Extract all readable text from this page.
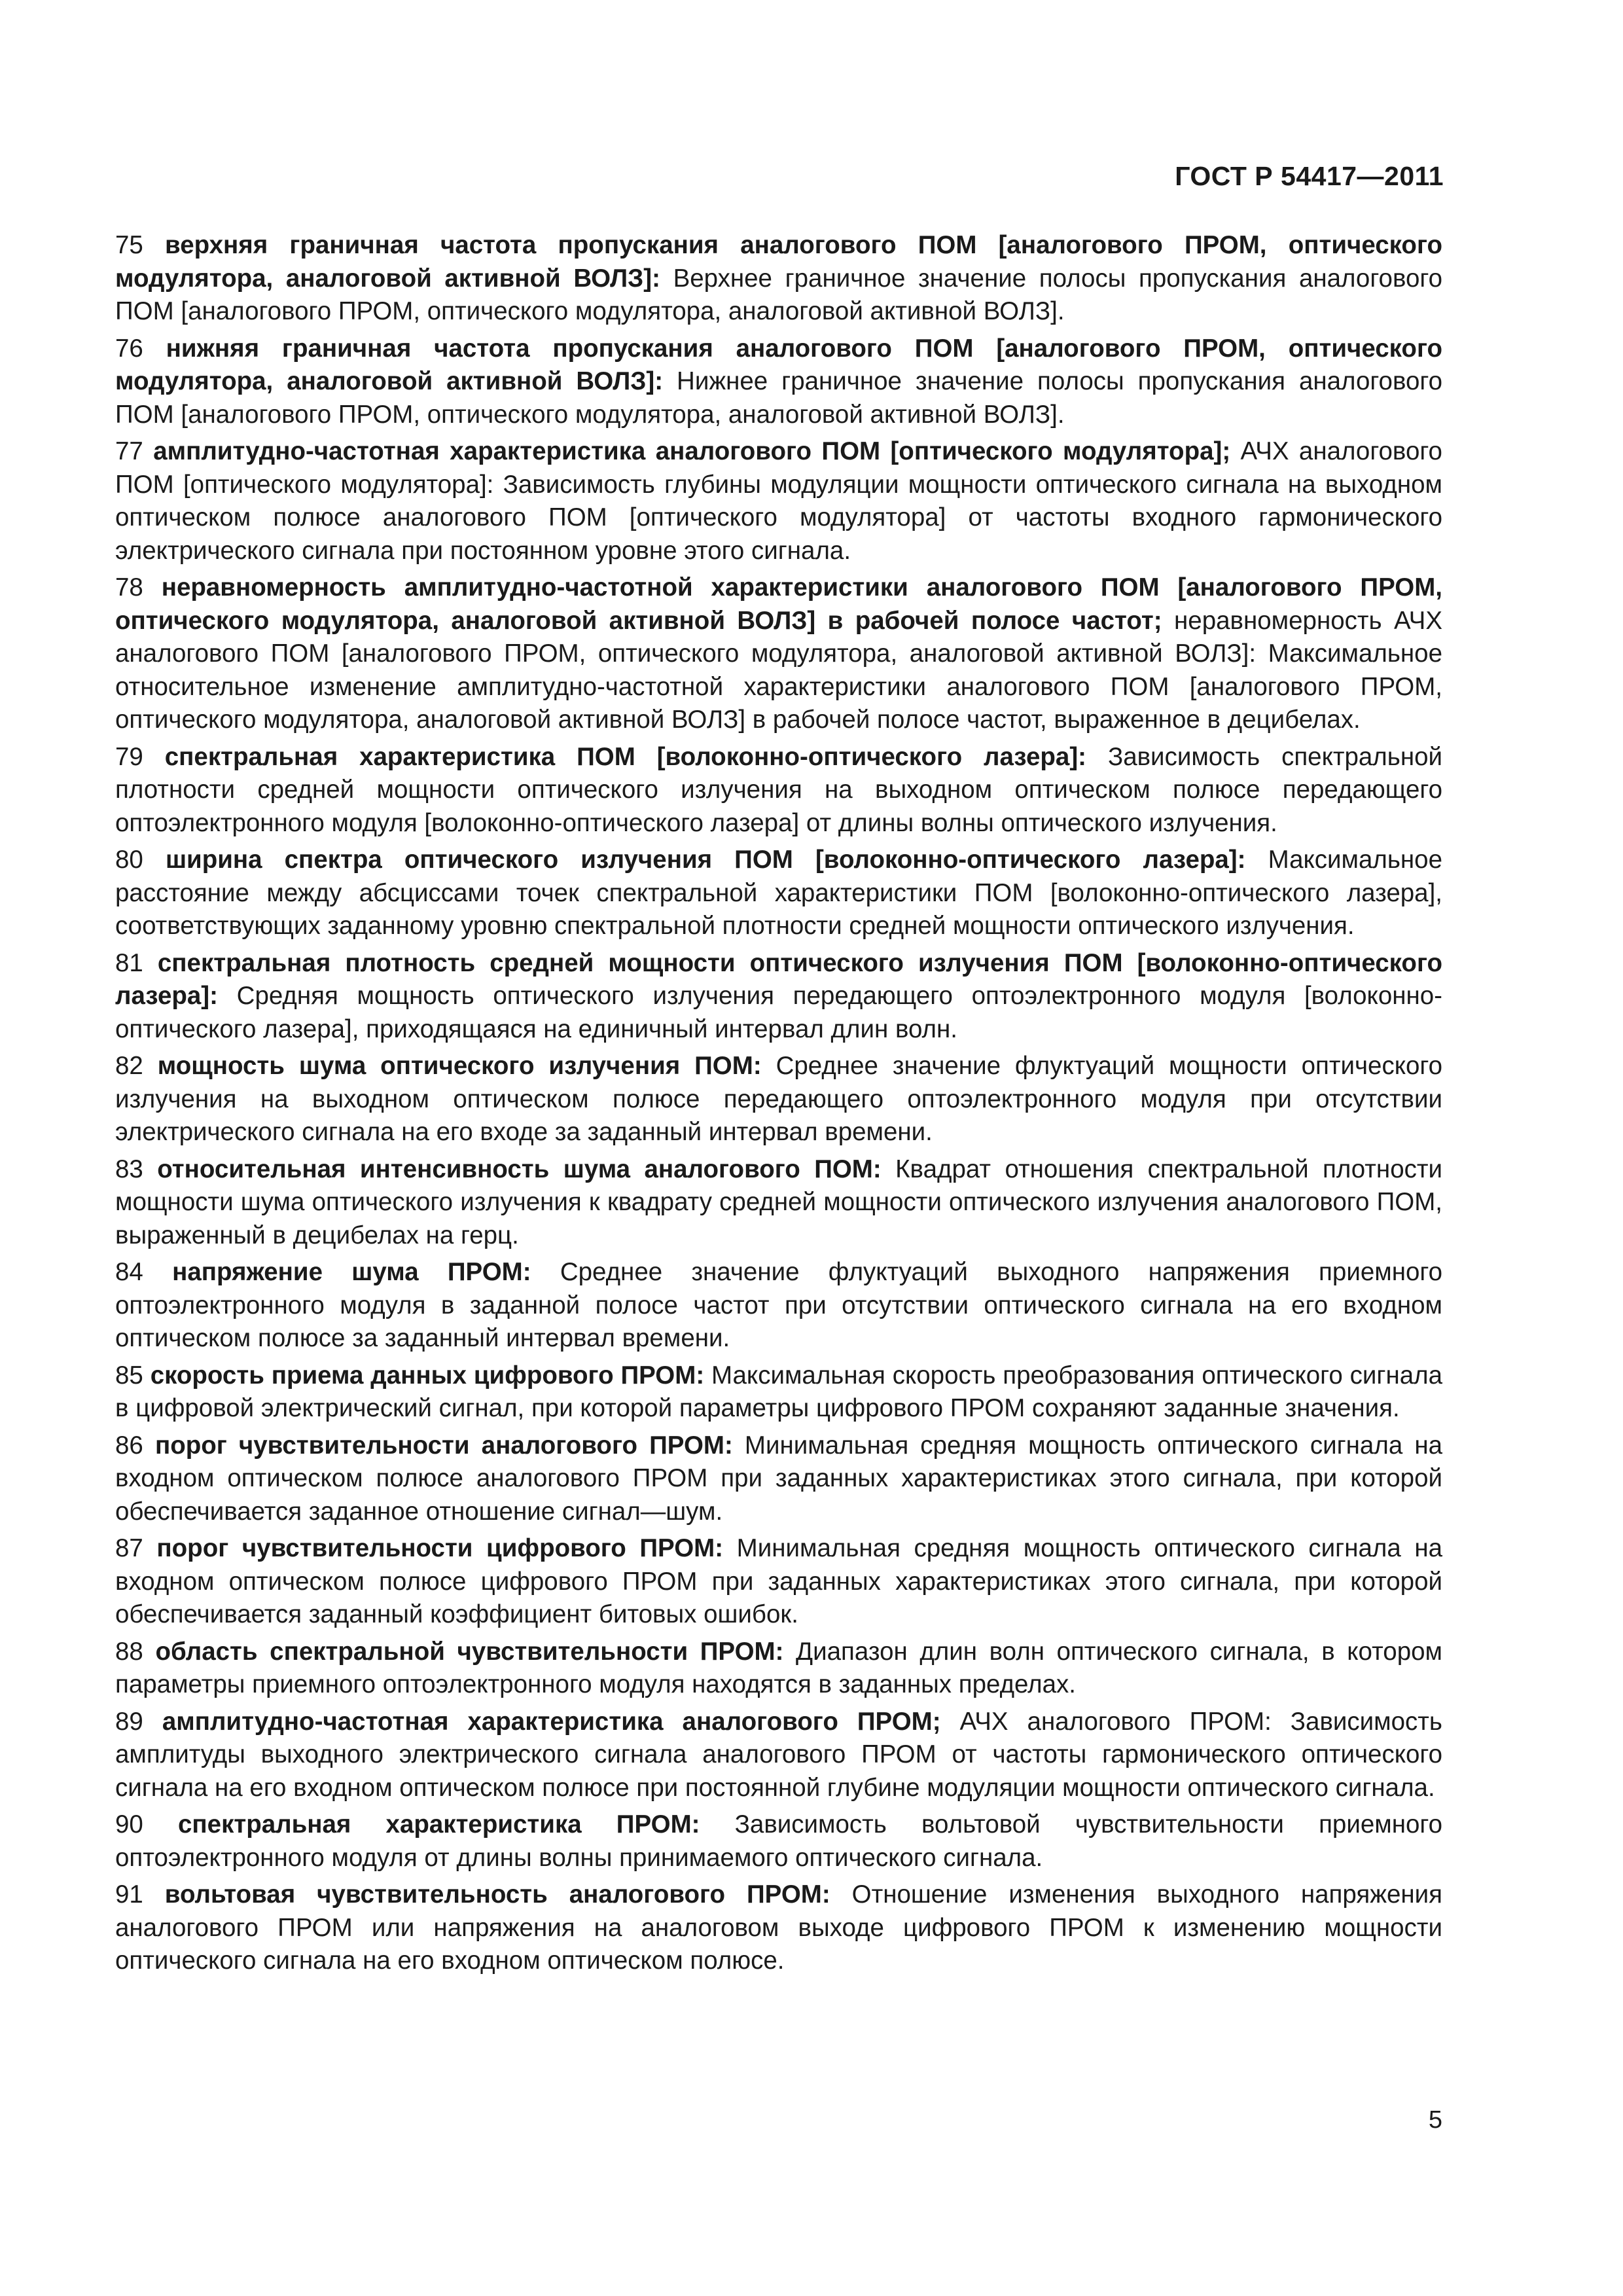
ГОСТ Р 54417—2011

75 верхняя граничная частота пропускания аналогового ПОМ [аналогового ПРОМ, оптического модулятора, аналоговой активной ВОЛЗ]: Верхнее граничное значение полосы пропускания аналогового ПОМ [аналогового ПРОМ, оптического модулятора, аналоговой активной ВОЛЗ].

76 нижняя граничная частота пропускания аналогового ПОМ [аналогового ПРОМ, оптического модулятора, аналоговой активной ВОЛЗ]: Нижнее граничное значение полосы пропускания аналогового ПОМ [аналогового ПРОМ, оптического модулятора, аналоговой активной ВОЛЗ].

77 амплитудно-частотная характеристика аналогового ПОМ [оптического модулятора]; АЧХ аналогового ПОМ [оптического модулятора]: Зависимость глубины модуляции мощности оптического сигнала на выходном оптическом полюсе аналогового ПОМ [оптического модулятора] от частоты входного гармонического электрического сигнала при постоянном уровне этого сигнала.

78 неравномерность амплитудно-частотной характеристики аналогового ПОМ [аналогового ПРОМ, оптического модулятора, аналоговой активной ВОЛЗ] в рабочей полосе частот; неравномерность АЧХ аналогового ПОМ [аналогового ПРОМ, оптического модулятора, аналоговой активной ВОЛЗ]: Максимальное относительное изменение амплитудно-частотной характеристики аналогового ПОМ [аналогового ПРОМ, оптического модулятора, аналоговой активной ВОЛЗ] в рабочей полосе частот, выраженное в децибелах.

79 спектральная характеристика ПОМ [волоконно-оптического лазера]: Зависимость спектральной плотности средней мощности оптического излучения на выходном оптическом полюсе передающего оптоэлектронного модуля [волоконно-оптического лазера] от длины волны оптического излучения.

80 ширина спектра оптического излучения ПОМ [волоконно-оптического лазера]: Максимальное расстояние между абсциссами точек спектральной характеристики ПОМ [волоконно-оптического лазера], соответствующих заданному уровню спектральной плотности средней мощности оптического излучения.

81 спектральная плотность средней мощности оптического излучения ПОМ [волоконно-оптического лазера]: Средняя мощность оптического излучения передающего оптоэлектронного модуля [волоконно-оптического лазера], приходящаяся на единичный интервал длин волн.

82 мощность шума оптического излучения ПОМ: Среднее значение флуктуаций мощности оптического излучения на выходном оптическом полюсе передающего оптоэлектронного модуля при отсутствии электрического сигнала на его входе за заданный интервал времени.

83 относительная интенсивность шума аналогового ПОМ: Квадрат отношения спектральной плотности мощности шума оптического излучения к квадрату средней мощности оптического излучения аналогового ПОМ, выраженный в децибелах на герц.

84 напряжение шума ПРОМ: Среднее значение флуктуаций выходного напряжения приемного оптоэлектронного модуля в заданной полосе частот при отсутствии оптического сигнала на его входном оптическом полюсе за заданный интервал времени.

85 скорость приема данных цифрового ПРОМ: Максимальная скорость преобразования оптического сигнала в цифровой электрический сигнал, при которой параметры цифрового ПРОМ сохраняют заданные значения.

86 порог чувствительности аналогового ПРОМ: Минимальная средняя мощность оптического сигнала на входном оптическом полюсе аналогового ПРОМ при заданных характеристиках этого сигнала, при которой обеспечивается заданное отношение сигнал—шум.

87 порог чувствительности цифрового ПРОМ: Минимальная средняя мощность оптического сигнала на входном оптическом полюсе цифрового ПРОМ при заданных характеристиках этого сигнала, при которой обеспечивается заданный коэффициент битовых ошибок.

88 область спектральной чувствительности ПРОМ: Диапазон длин волн оптического сигнала, в котором параметры приемного оптоэлектронного модуля находятся в заданных пределах.

89 амплитудно-частотная характеристика аналогового ПРОМ; АЧХ аналогового ПРОМ: Зависимость амплитуды выходного электрического сигнала аналогового ПРОМ от частоты гармонического оптического сигнала на его входном оптическом полюсе при постоянной глубине модуляции мощности оптического сигнала.

90 спектральная характеристика ПРОМ: Зависимость вольтовой чувствительности приемного оптоэлектронного модуля от длины волны принимаемого оптического сигнала.

91 вольтовая чувствительность аналогового ПРОМ: Отношение изменения выходного напряжения аналогового ПРОМ или напряжения на аналоговом выходе цифрового ПРОМ к изменению мощности оптического сигнала на его входном оптическом полюсе.

5
